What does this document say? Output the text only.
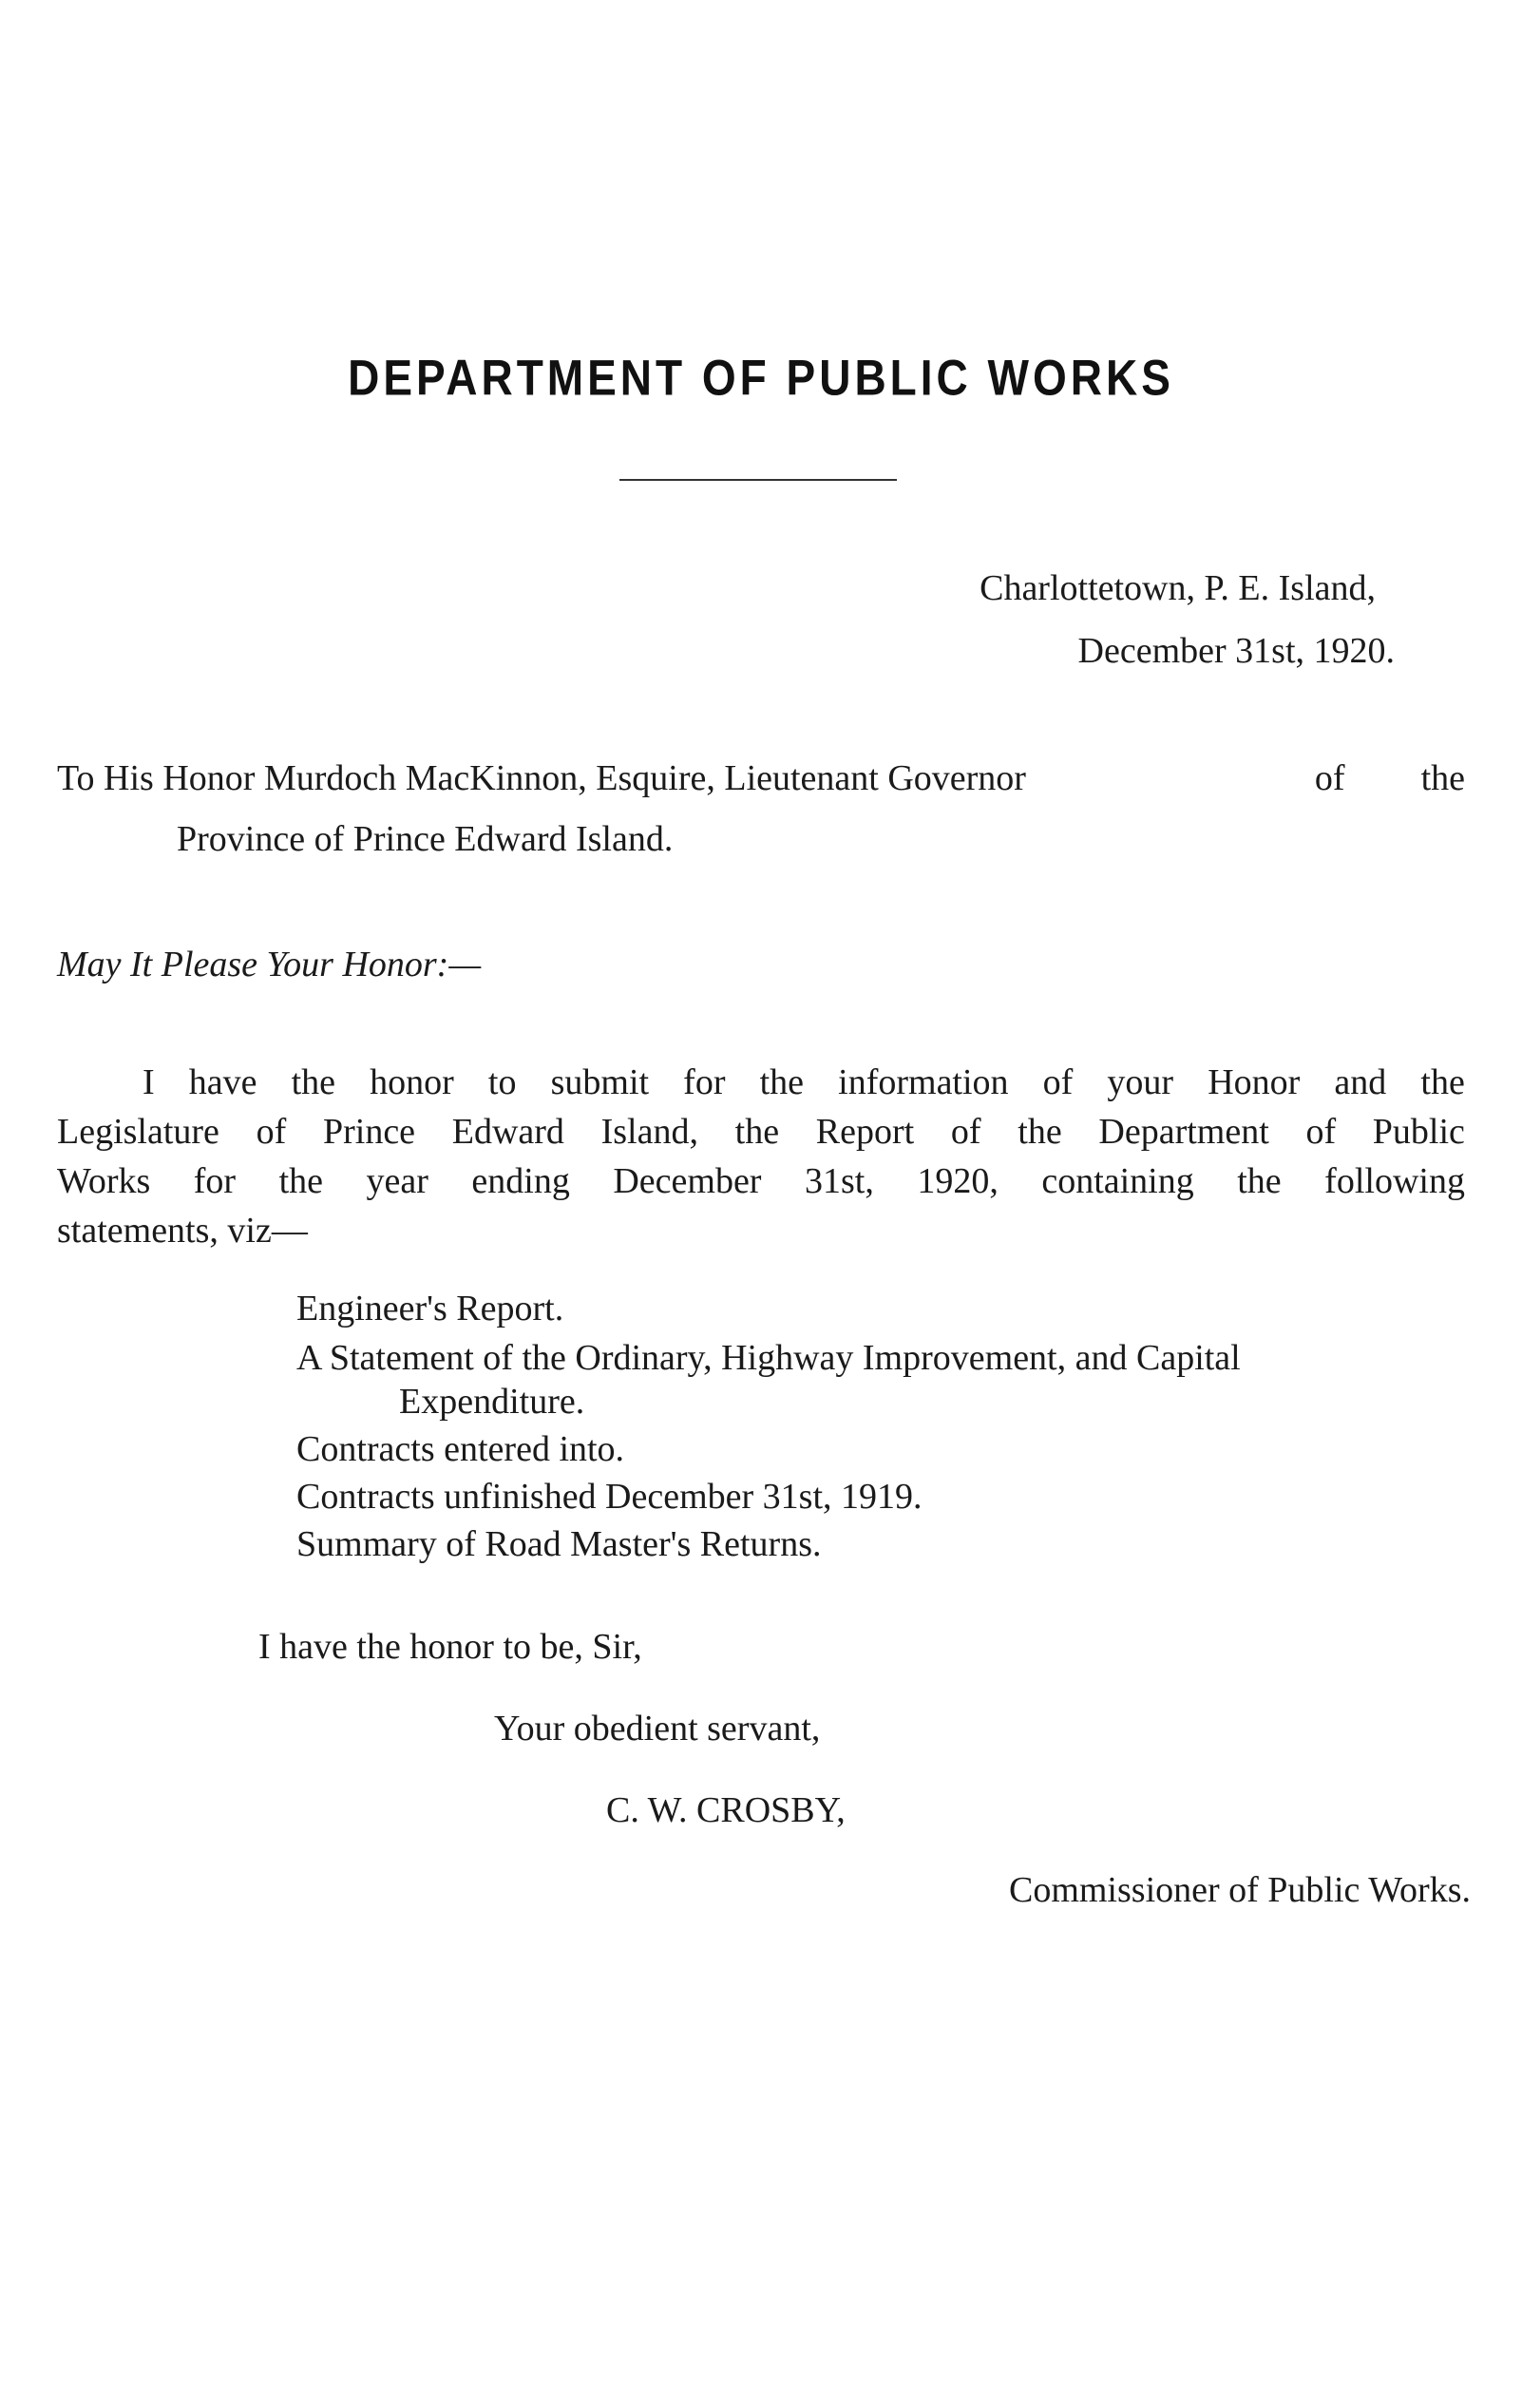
DEPARTMENT OF PUBLIC WORKS
Charlottetown, P. E. Island,
December 31st, 1920.
To His Honor Murdoch MacKinnon, Esquire, Lieutenant Governor	of the
Province of Prince Edward Island.
May It Please Your Honor:—
I have the honor to submit for the information of your Honor and the
Legislature of Prince Edward Island, the Report of the Department of Public
Works for the year ending December 31st, 1920, containing the following
statements, viz—
Engineer's Report.
A Statement of the Ordinary, Highway Improvement, and Capital
Expenditure.
Contracts entered into.
Contracts unfinished December 31st, 1919.
Summary of Road Master's Returns.
I have the honor to be, Sir,
Your obedient servant,
C. W. CROSBY,
Commissioner of Public Works.
